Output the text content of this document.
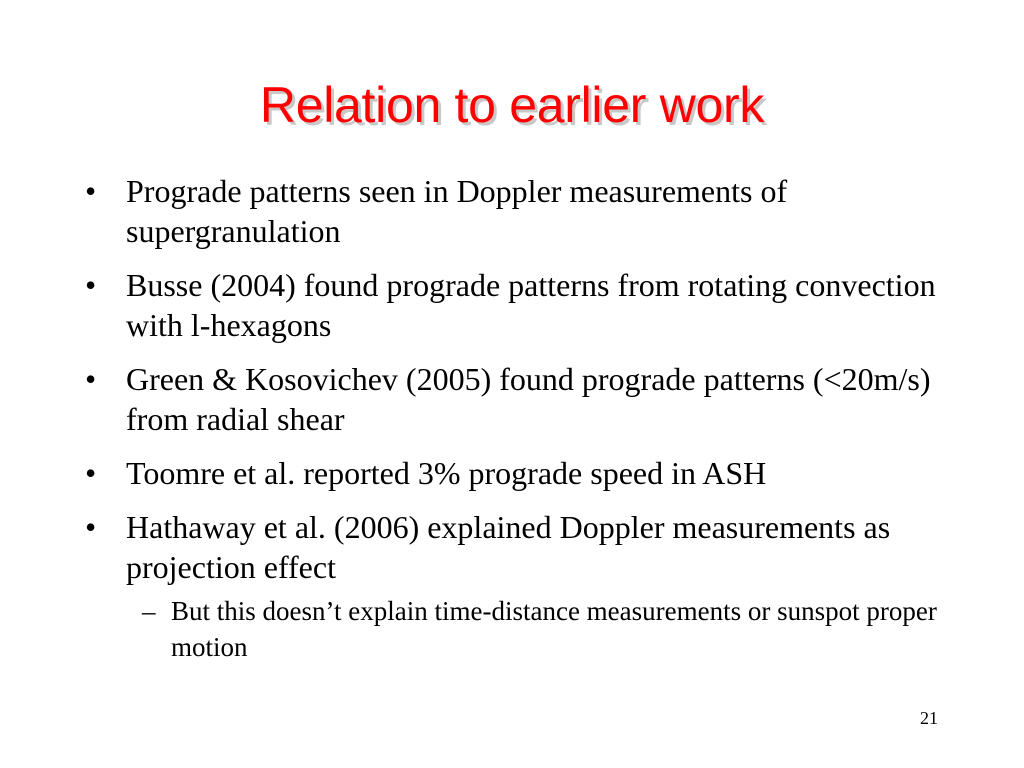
Relation to earlier work
• Prograde patterns seen in Doppler measurements of supergranulation
• Busse (2004) found prograde patterns from rotating convection with l-hexagons
• Green & Kosovichev (2005) found prograde patterns (<20m/s) from radial shear
• Toomre et al. reported 3% prograde speed in ASH
• Hathaway et al. (2006) explained Doppler measurements as projection effect
– But this doesn’t explain time-distance measurements or sunspot proper motion
21
